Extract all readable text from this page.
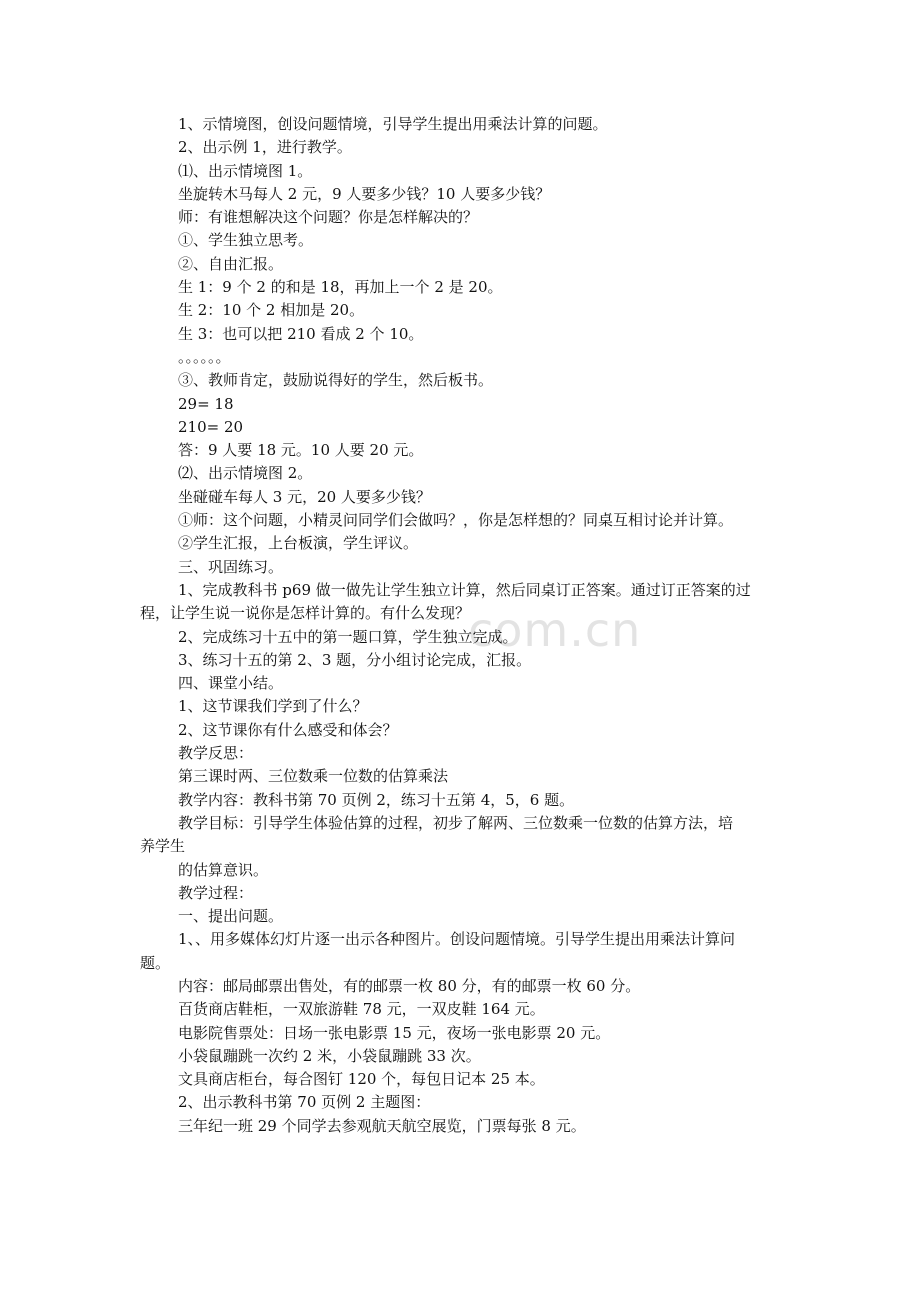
com.cn
1、示情境图，创设问题情境，引导学生提出用乘法计算的问题。
2、出示例 1，进行教学。
⑴、出示情境图 1。
坐旋转木马每人 2 元，9 人要多少钱？10 人要多少钱？
师：有谁想解决这个问题？你是怎样解决的？
①、学生独立思考。
②、自由汇报。
生 1：9 个 2 的和是 18，再加上一个 2 是 20。
生 2：10 个 2 相加是 20。
生 3：也可以把 210 看成 2 个 10。
。。。。。。
③、教师肯定，鼓励说得好的学生，然后板书。
29= 18
210= 20
答：9 人要 18 元。10 人要 20 元。
⑵、出示情境图 2。
坐碰碰车每人 3 元，20 人要多少钱？
①师：这个问题，小精灵问同学们会做吗？，你是怎样想的？同桌互相讨论并计算。
②学生汇报，上台板演，学生评议。
三、巩固练习。
1、完成教科书 p69 做一做先让学生独立计算，然后同桌订正答案。通过订正答案的过
程，让学生说一说你是怎样计算的。有什么发现？
2、完成练习十五中的第一题口算，学生独立完成。
3、练习十五的第 2、3 题，分小组讨论完成，汇报。
四、课堂小结。
1、这节课我们学到了什么？
2、这节课你有什么感受和体会？
教学反思：
第三课时两、三位数乘一位数的估算乘法
教学内容：教科书第 70 页例 2，练习十五第 4，5，6 题。
教学目标：引导学生体验估算的过程，初步了解两、三位数乘一位数的估算方法，培
养学生
的估算意识。
教学过程：
一、提出问题。
1、、用多媒体幻灯片逐一出示各种图片。创设问题情境。引导学生提出用乘法计算问
题。
内容：邮局邮票出售处，有的邮票一枚 80 分，有的邮票一枚 60 分。
百货商店鞋柜，一双旅游鞋 78 元，一双皮鞋 164 元。
电影院售票处：日场一张电影票 15 元，夜场一张电影票 20 元。
小袋鼠蹦跳一次约 2 米，小袋鼠蹦跳 33 次。
文具商店柜台，每合图钉 120 个，每包日记本 25 本。
2、出示教科书第 70 页例 2 主题图：
三年纪一班 29 个同学去参观航天航空展览，门票每张 8 元。
